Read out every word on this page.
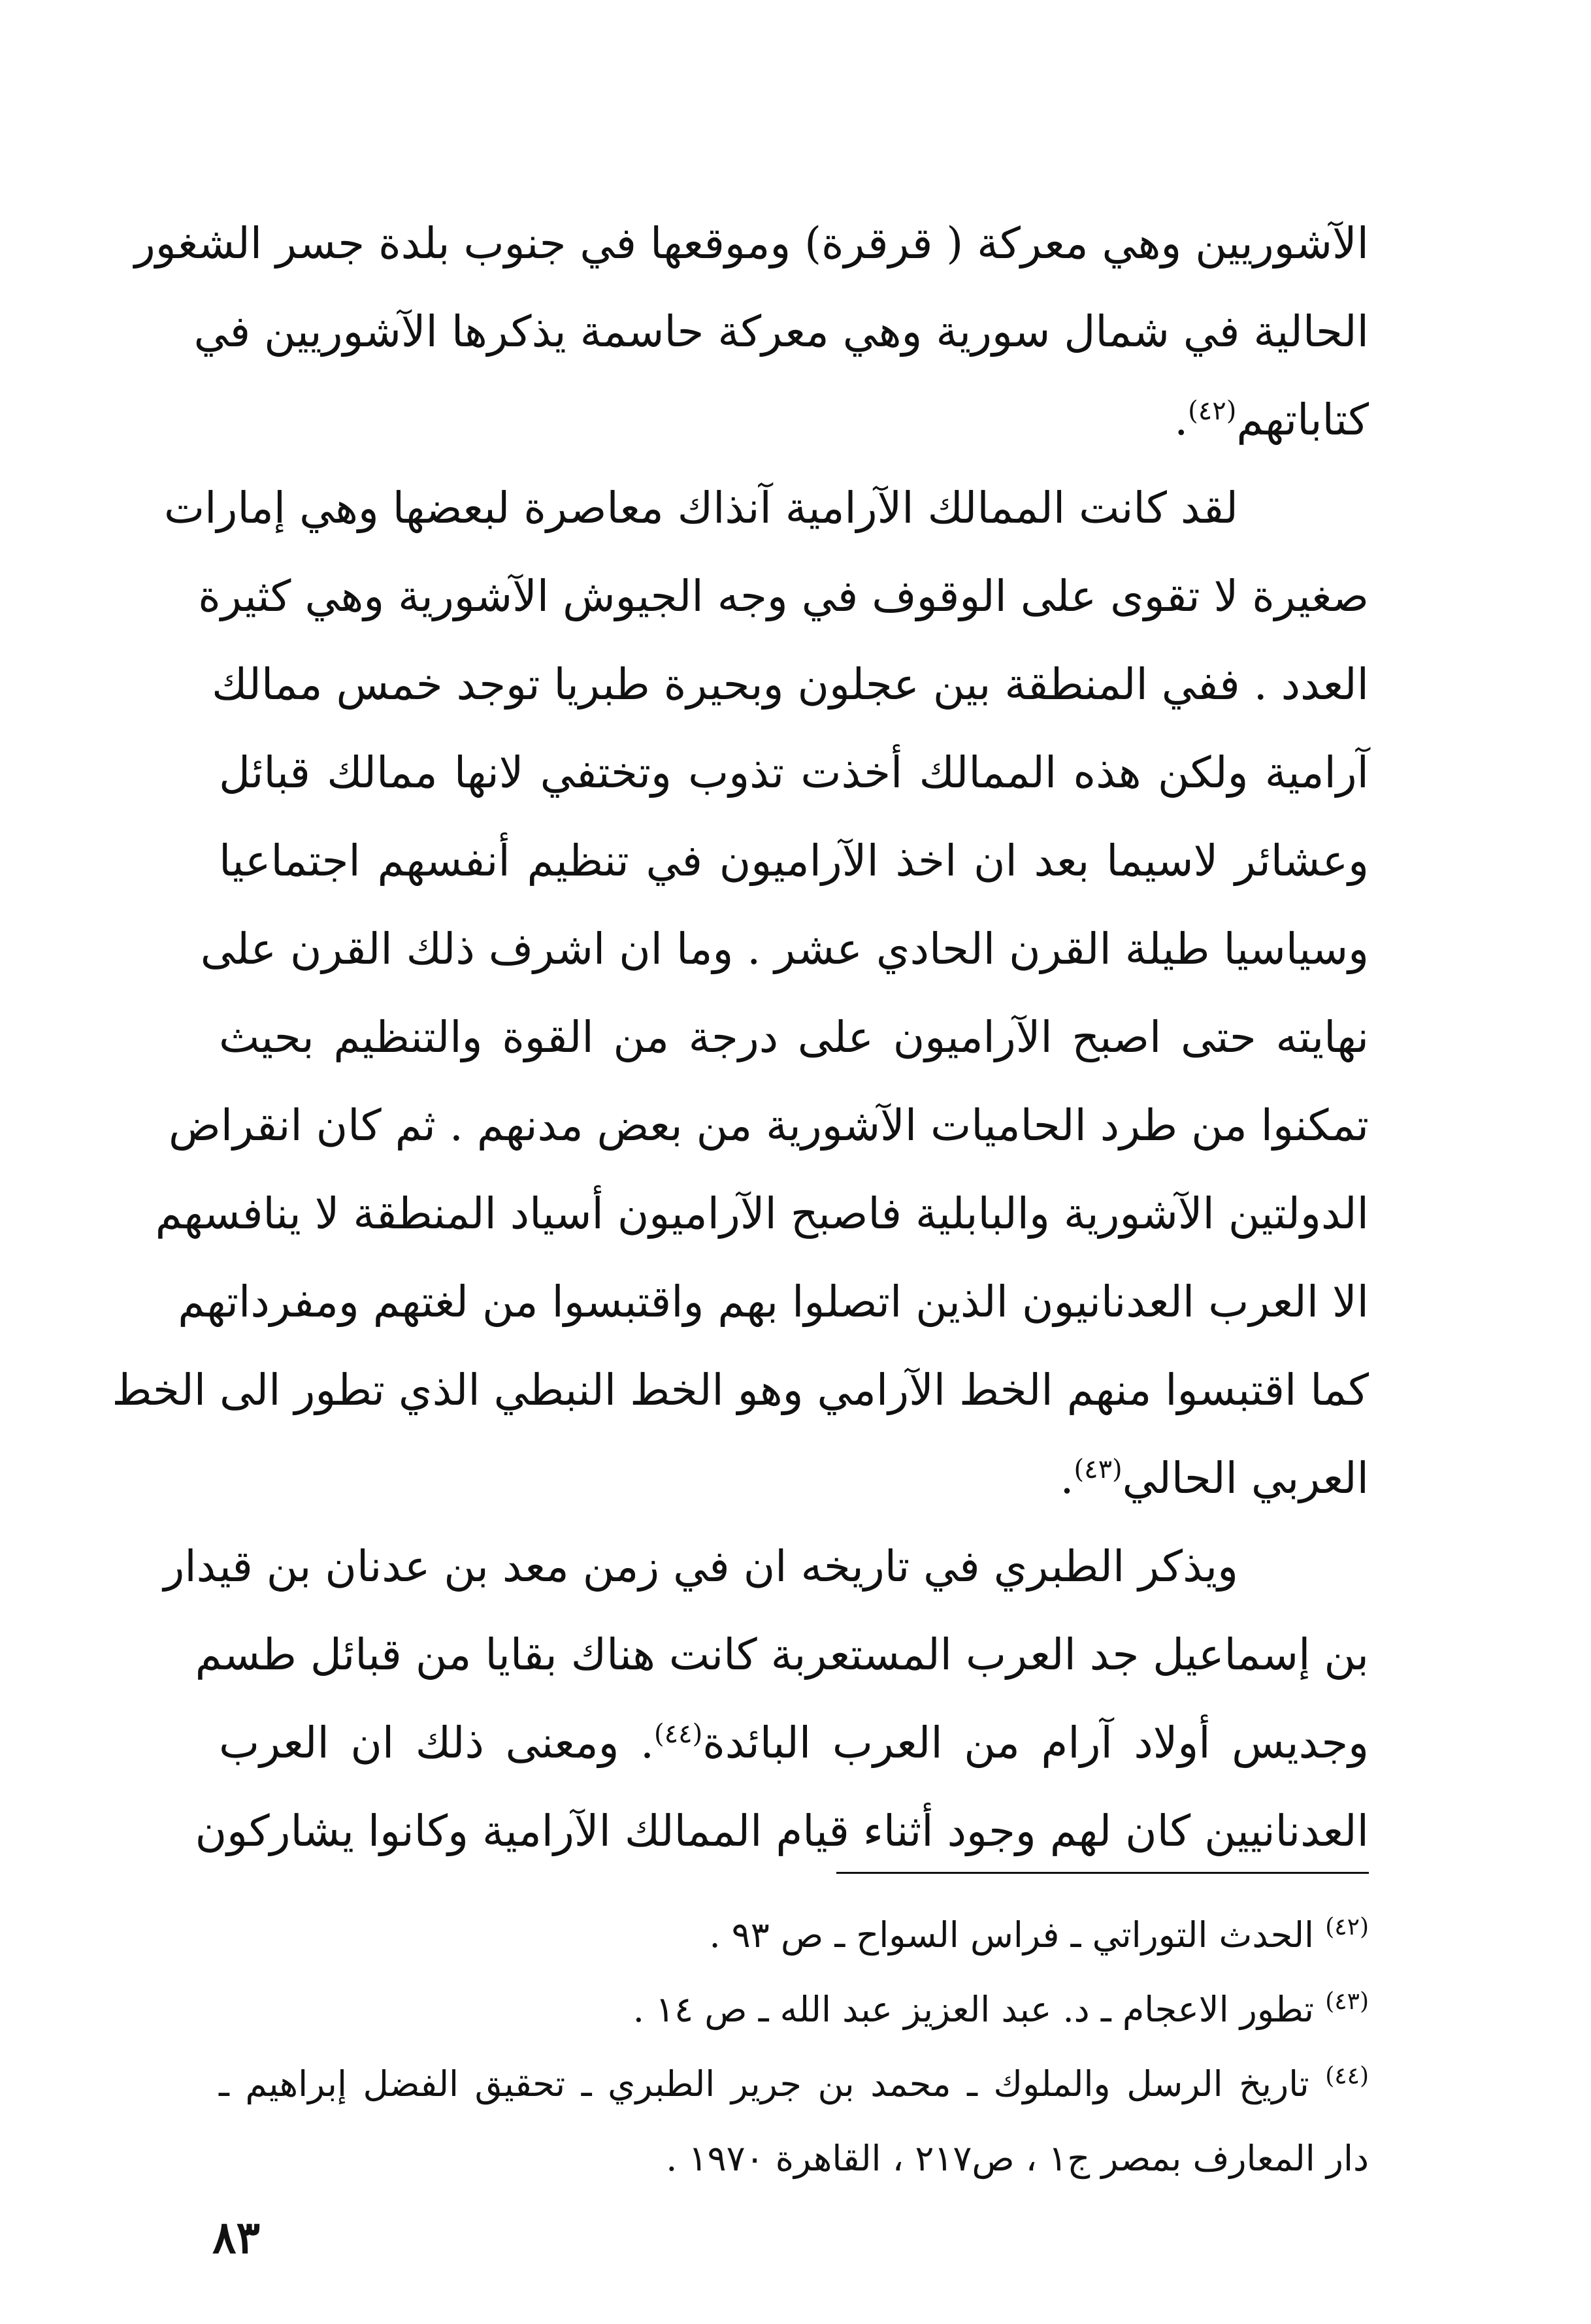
الآشوريين وهي معركة ( قرقرة) وموقعها في جنوب بلدة جسر الشغور
الحالية في شمال سورية وهي معركة حاسمة يذكرها الآشوريين في
كتاباتهم$^{(٤٢)}$.
لقد كانت الممالك الآرامية آنذاك معاصرة لبعضها وهي إمارات
صغيرة لا تقوى على الوقوف في وجه الجيوش الآشورية وهي كثيرة
العدد . ففي المنطقة بين عجلون وبحيرة طبريا توجد خمس ممالك
آرامية ولكن هذه الممالك أخذت تذوب وتختفي لانها ممالك قبائل
وعشائر لاسيما بعد ان اخذ الآراميون في تنظيم أنفسهم اجتماعيا
وسياسيا طيلة القرن الحادي عشر . وما ان اشرف ذلك القرن على
نهايته حتى اصبح الآراميون على درجة من القوة والتنظيم بحيث
تمكنوا من طرد الحاميات الآشورية من بعض مدنهم . ثم كان انقراض
الدولتين الآشورية والبابلية فاصبح الآراميون أسياد المنطقة لا ينافسهم
الا العرب العدنانيون الذين اتصلوا بهم واقتبسوا من لغتهم ومفرداتهم
كما اقتبسوا منهم الخط الآرامي وهو الخط النبطي الذي تطور الى الخط
العربي الحالي$^{(٤٣)}$.
ويذكر الطبري في تاريخه ان في زمن معد بن عدنان بن قيدار
بن إسماعيل جد العرب المستعربة كانت هناك بقايا من قبائل طسم
وجديس أولاد آرام من العرب البائدة$^{(٤٤)}$. ومعنى ذلك ان العرب
العدنانيين كان لهم وجود أثناء قيام الممالك الآرامية وكانوا يشاركون
$^{(٤٢)}$ الحدث التوراتي ـ فراس السواح ـ ص ٩٣ .
$^{(٤٣)}$ تطور الاعجام ـ د. عبد العزيز عبد الله ـ ص ١٤ .
$^{(٤٤)}$ تاريخ الرسل والملوك ـ محمد بن جرير الطبري ـ تحقيق الفضل إبراهيم ـ
دار المعارف بمصر ج١ ، ص٢١٧ ، القاهرة ١٩٧٠ .
٨٣
